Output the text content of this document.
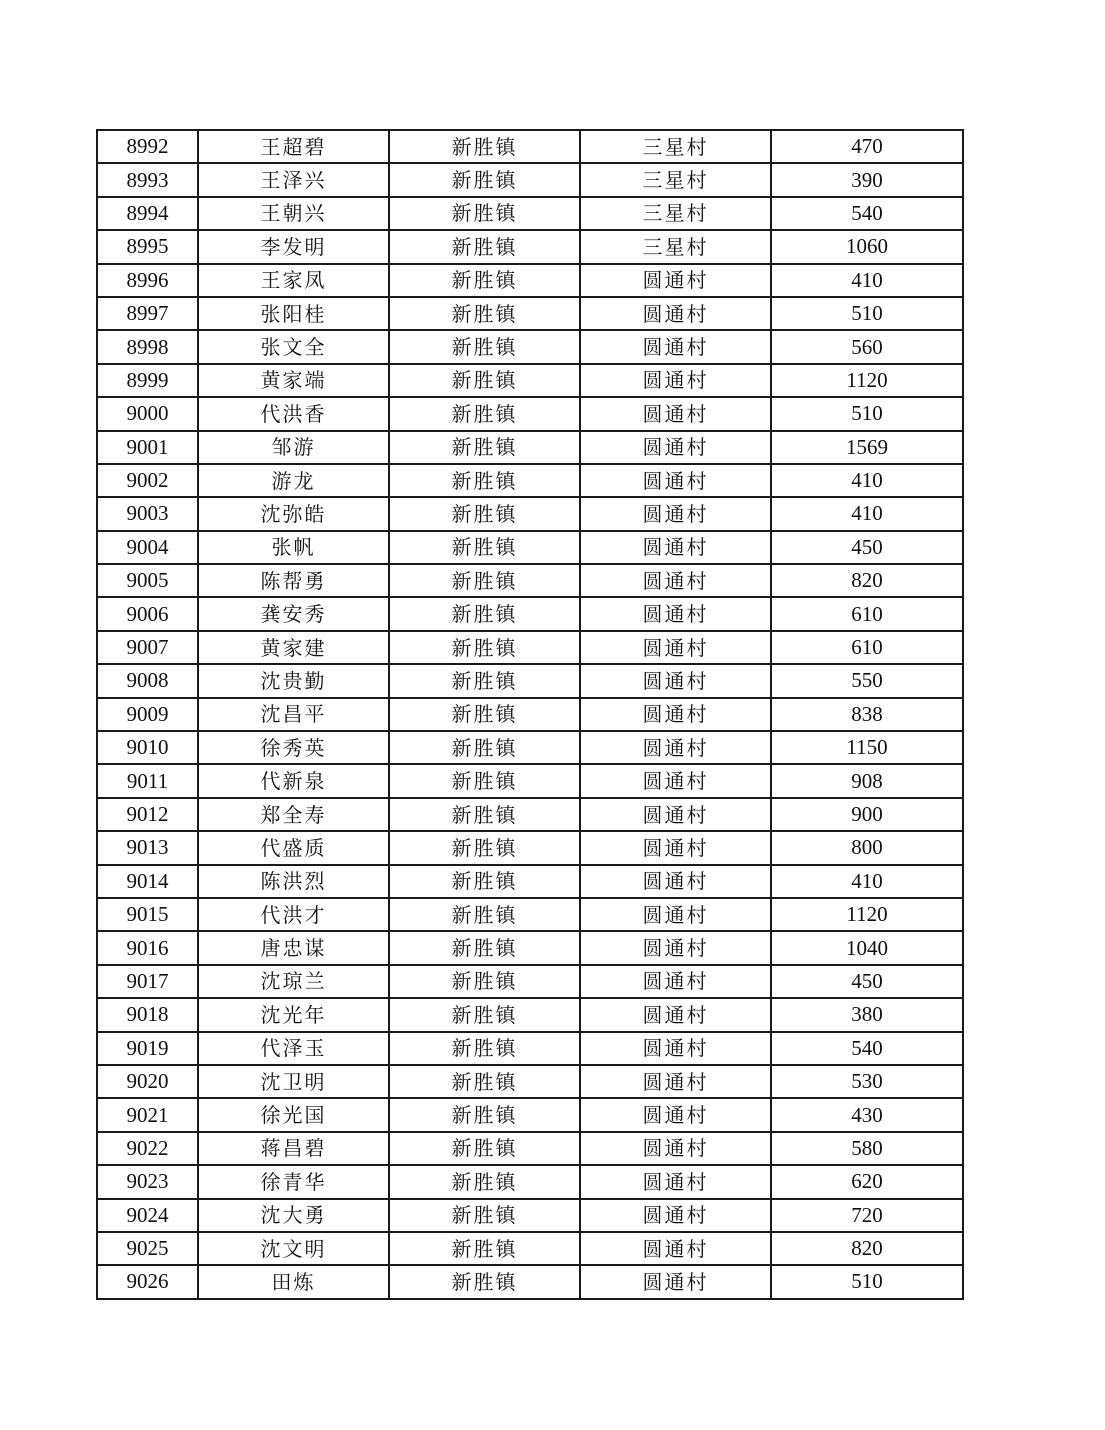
8992	王超碧	新胜镇	三星村	470
8993	王泽兴	新胜镇	三星村	390
8994	王朝兴	新胜镇	三星村	540
8995	李发明	新胜镇	三星村	1060
8996	王家凤	新胜镇	圆通村	410
8997	张阳桂	新胜镇	圆通村	510
8998	张文全	新胜镇	圆通村	560
8999	黄家端	新胜镇	圆通村	1120
9000	代洪香	新胜镇	圆通村	510
9001	邹游	新胜镇	圆通村	1569
9002	游龙	新胜镇	圆通村	410
9003	沈弥皓	新胜镇	圆通村	410
9004	张帆	新胜镇	圆通村	450
9005	陈帮勇	新胜镇	圆通村	820
9006	龚安秀	新胜镇	圆通村	610
9007	黄家建	新胜镇	圆通村	610
9008	沈贵勤	新胜镇	圆通村	550
9009	沈昌平	新胜镇	圆通村	838
9010	徐秀英	新胜镇	圆通村	1150
9011	代新泉	新胜镇	圆通村	908
9012	郑全寿	新胜镇	圆通村	900
9013	代盛质	新胜镇	圆通村	800
9014	陈洪烈	新胜镇	圆通村	410
9015	代洪才	新胜镇	圆通村	1120
9016	唐忠谋	新胜镇	圆通村	1040
9017	沈琼兰	新胜镇	圆通村	450
9018	沈光年	新胜镇	圆通村	380
9019	代泽玉	新胜镇	圆通村	540
9020	沈卫明	新胜镇	圆通村	530
9021	徐光国	新胜镇	圆通村	430
9022	蒋昌碧	新胜镇	圆通村	580
9023	徐青华	新胜镇	圆通村	620
9024	沈大勇	新胜镇	圆通村	720
9025	沈文明	新胜镇	圆通村	820
9026	田炼	新胜镇	圆通村	510
